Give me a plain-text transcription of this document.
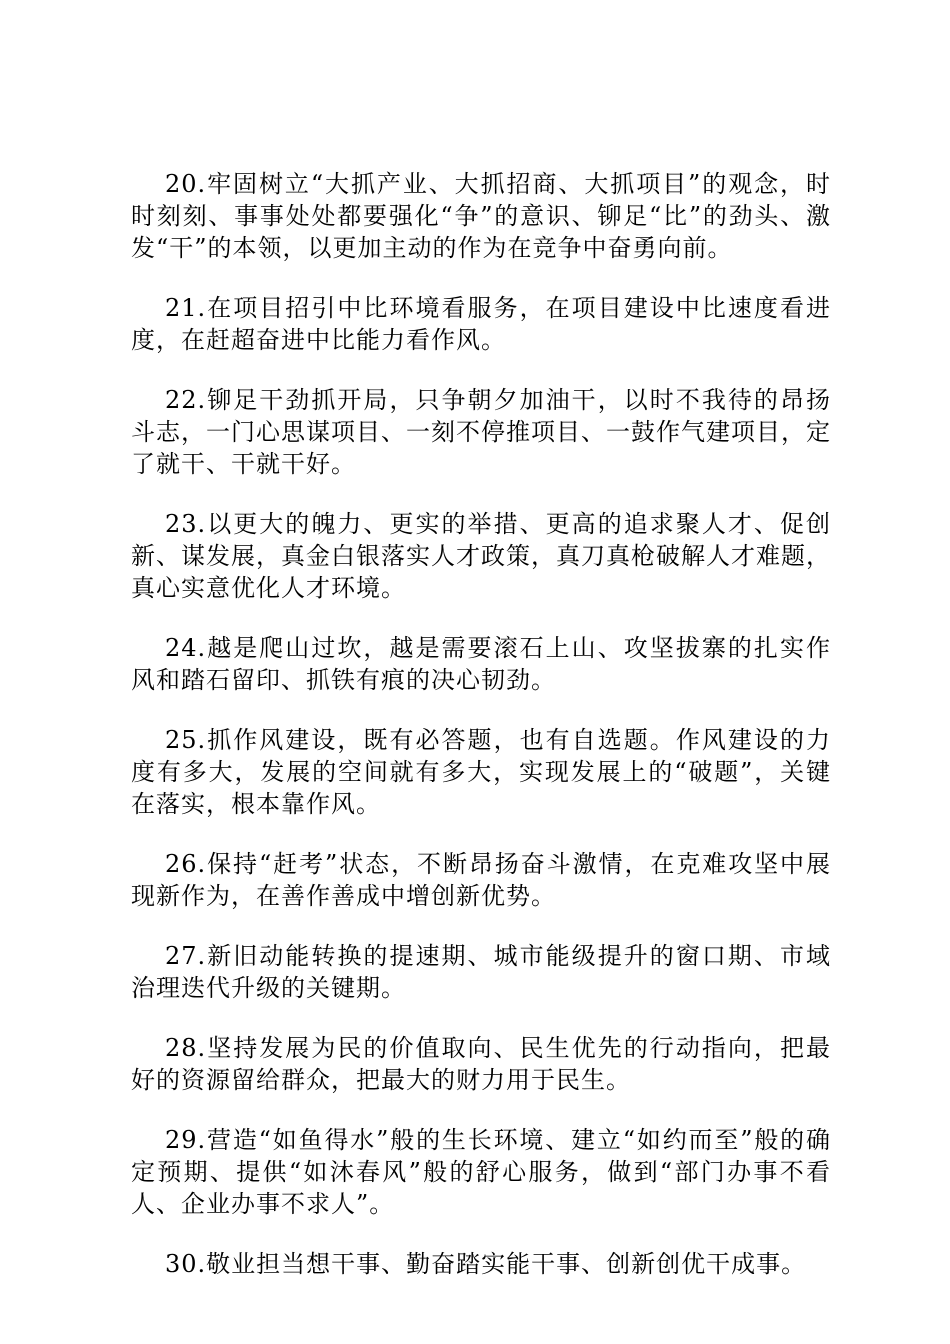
20.牢固树立“大抓产业、大抓招商、大抓项目”的观念，时时刻刻、事事处处都要强化“争”的意识、铆足“比”的劲头、激发“干”的本领，以更加主动的作为在竞争中奋勇向前。

21.在项目招引中比环境看服务，在项目建设中比速度看进度，在赶超奋进中比能力看作风。

22.铆足干劲抓开局，只争朝夕加油干，以时不我待的昂扬斗志，一门心思谋项目、一刻不停推项目、一鼓作气建项目，定了就干、干就干好。

23.以更大的魄力、更实的举措、更高的追求聚人才、促创新、谋发展，真金白银落实人才政策，真刀真枪破解人才难题，真心实意优化人才环境。

24.越是爬山过坎，越是需要滚石上山、攻坚拔寨的扎实作风和踏石留印、抓铁有痕的决心韧劲。

25.抓作风建设，既有必答题，也有自选题。作风建设的力度有多大，发展的空间就有多大，实现发展上的“破题”，关键在落实，根本靠作风。

26.保持“赶考”状态，不断昂扬奋斗激情，在克难攻坚中展现新作为，在善作善成中增创新优势。

27.新旧动能转换的提速期、城市能级提升的窗口期、市域治理迭代升级的关键期。

28.坚持发展为民的价值取向、民生优先的行动指向，把最好的资源留给群众，把最大的财力用于民生。

29.营造“如鱼得水”般的生长环境、建立“如约而至”般的确定预期、提供“如沐春风”般的舒心服务，做到“部门办事不看人、企业办事不求人”。

30.敬业担当想干事、勤奋踏实能干事、创新创优干成事。
